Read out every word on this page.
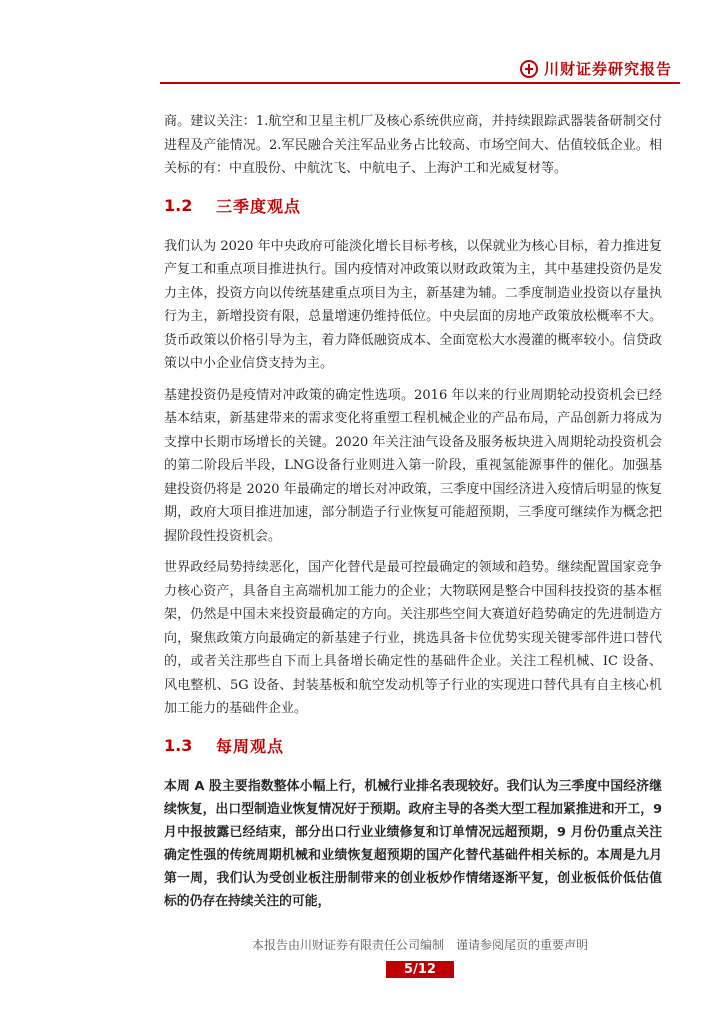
川财证券研究报告

商。建议关注：1.航空和卫星主机厂及核心系统供应商，并持续跟踪武器装备研制交付进程及产能情况。2.军民融合关注军品业务占比较高、市场空间大、估值较低企业。相关标的有：中直股份、中航沈飞、中航电子、上海沪工和光威复材等。

1.2	三季度观点

我们认为 2020 年中央政府可能淡化增长目标考核，以保就业为核心目标，着力推进复产复工和重点项目推进执行。国内疫情对冲政策以财政政策为主，其中基建投资仍是发力主体，投资方向以传统基建重点项目为主，新基建为辅。二季度制造业投资以存量执行为主，新增投资有限，总量增速仍维持低位。中央层面的房地产政策放松概率不大。货币政策以价格引导为主，着力降低融资成本、全面宽松大水漫灌的概率较小。信贷政策以中小企业信贷支持为主。

基建投资仍是疫情对冲政策的确定性选项。2016 年以来的行业周期轮动投资机会已经基本结束，新基建带来的需求变化将重塑工程机械企业的产品布局，产品创新力将成为支撑中长期市场增长的关键。2020 年关注油气设备及服务板块进入周期轮动投资机会的第二阶段后半段，LNG设备行业则进入第一阶段，重视氢能源事件的催化。加强基建投资仍将是 2020 年最确定的增长对冲政策，三季度中国经济进入疫情后明显的恢复期，政府大项目推进加速，部分制造子行业恢复可能超预期，三季度可继续作为概念把握阶段性投资机会。

世界政经局势持续恶化，国产化替代是最可控最确定的领域和趋势。继续配置国家竞争力核心资产，具备自主高端机加工能力的企业；大物联网是整合中国科技投资的基本框架，仍然是中国未来投资最确定的方向。关注那些空间大赛道好趋势确定的先进制造方向，聚焦政策方向最确定的新基建子行业，挑选具备卡位优势实现关键零部件进口替代的，或者关注那些自下而上具备增长确定性的基础件企业。关注工程机械、IC 设备、风电整机、5G 设备、封装基板和航空发动机等子行业的实现进口替代具有自主核心机加工能力的基础件企业。

1.3	每周观点

本周 A 股主要指数整体小幅上行，机械行业排名表现较好。我们认为三季度中国经济继续恢复，出口型制造业恢复情况好于预期。政府主导的各类大型工程加紧推进和开工，9 月中报披露已经结束，部分出口行业业绩修复和订单情况远超预期，9 月份仍重点关注确定性强的传统周期机械和业绩恢复超预期的国产化替代基础件相关标的。本周是九月第一周，我们认为受创业板注册制带来的创业板炒作情绪逐渐平复，创业板低价低估值标的仍存在持续关注的可能，

本报告由川财证券有限责任公司编制　谨请参阅尾页的重要声明
5/12
